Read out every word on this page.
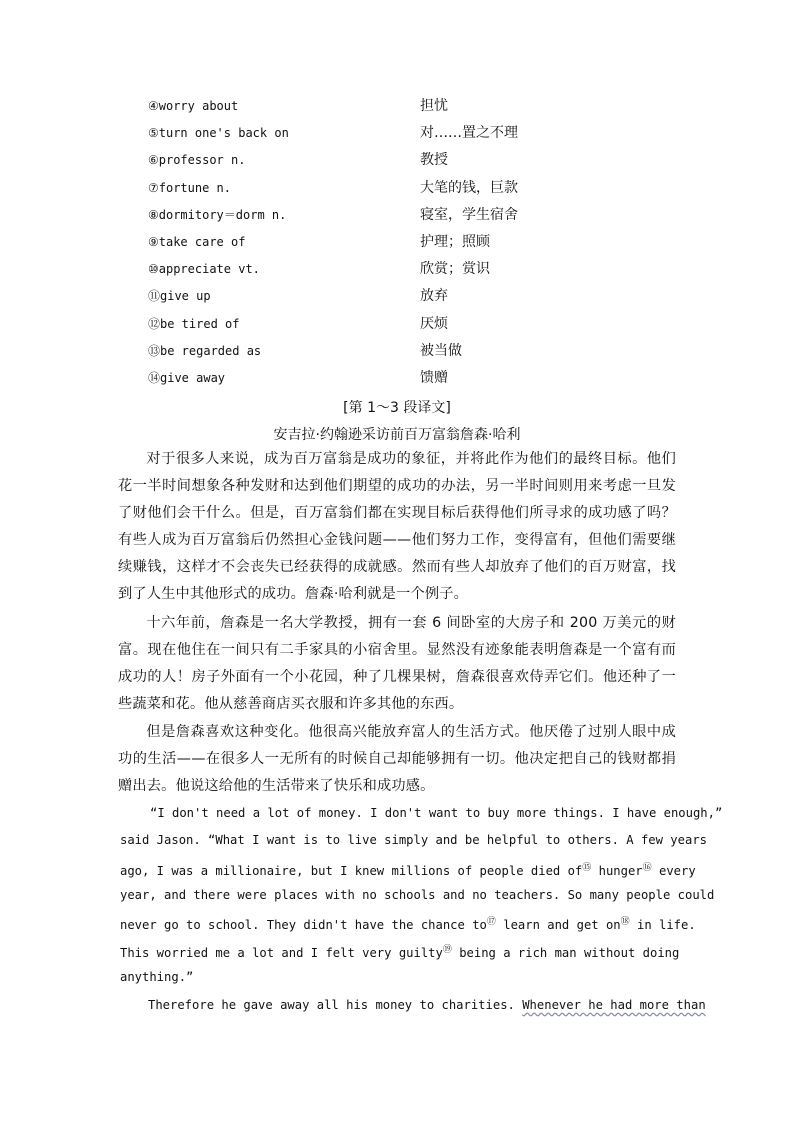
④worry about	担忧
⑤turn one's back on	对……置之不理
⑥professor n.	教授
⑦fortune n.	大笔的钱，巨款
⑧dormitory＝dorm n.	寝室，学生宿舍
⑨take care of	护理；照顾
⑩appreciate vt.	欣赏；赏识
⑪give up	放弃
⑫be tired of	厌烦
⑬be regarded as	被当做
⑭give away	馈赠
[第 1～3 段译文]
安吉拉·约翰逊采访前百万富翁詹森·哈利
对于很多人来说，成为百万富翁是成功的象征，并将此作为他们的最终目标。他们花一半时间想象各种发财和达到他们期望的成功的办法，另一半时间则用来考虑一旦发了财他们会干什么。但是，百万富翁们都在实现目标后获得他们所寻求的成功感了吗？有些人成为百万富翁后仍然担心金钱问题——他们努力工作，变得富有，但他们需要继续赚钱，这样才不会丧失已经获得的成就感。然而有些人却放弃了他们的百万财富，找到了人生中其他形式的成功。詹森·哈利就是一个例子。
十六年前，詹森是一名大学教授，拥有一套 6 间卧室的大房子和 200 万美元的财富。现在他住在一间只有二手家具的小宿舍里。显然没有迹象能表明詹森是一个富有而成功的人！房子外面有一个小花园，种了几棵果树，詹森很喜欢侍弄它们。他还种了一些蔬菜和花。他从慈善商店买衣服和许多其他的东西。
但是詹森喜欢这种变化。他很高兴能放弃富人的生活方式。他厌倦了过别人眼中成功的生活——在很多人一无所有的时候自己却能够拥有一切。他决定把自己的钱财都捐赠出去。他说这给他的生活带来了快乐和成功感。
“I don't need a lot of money. I don't want to buy more things. I have enough,”
said Jason. “What I want is to live simply and be helpful to others. A few years
ago, I was a millionaire, but I knew millions of people died of⑮ hunger⑯ every
year, and there were places with no schools and no teachers. So many people could
never go to school. They didn't have the chance to⑰ learn and get on⑱ in life.
This worried me a lot and I felt very guilty⑲ being a rich man without doing
anything.”
Therefore he gave away all his money to charities. Whenever he had more than
